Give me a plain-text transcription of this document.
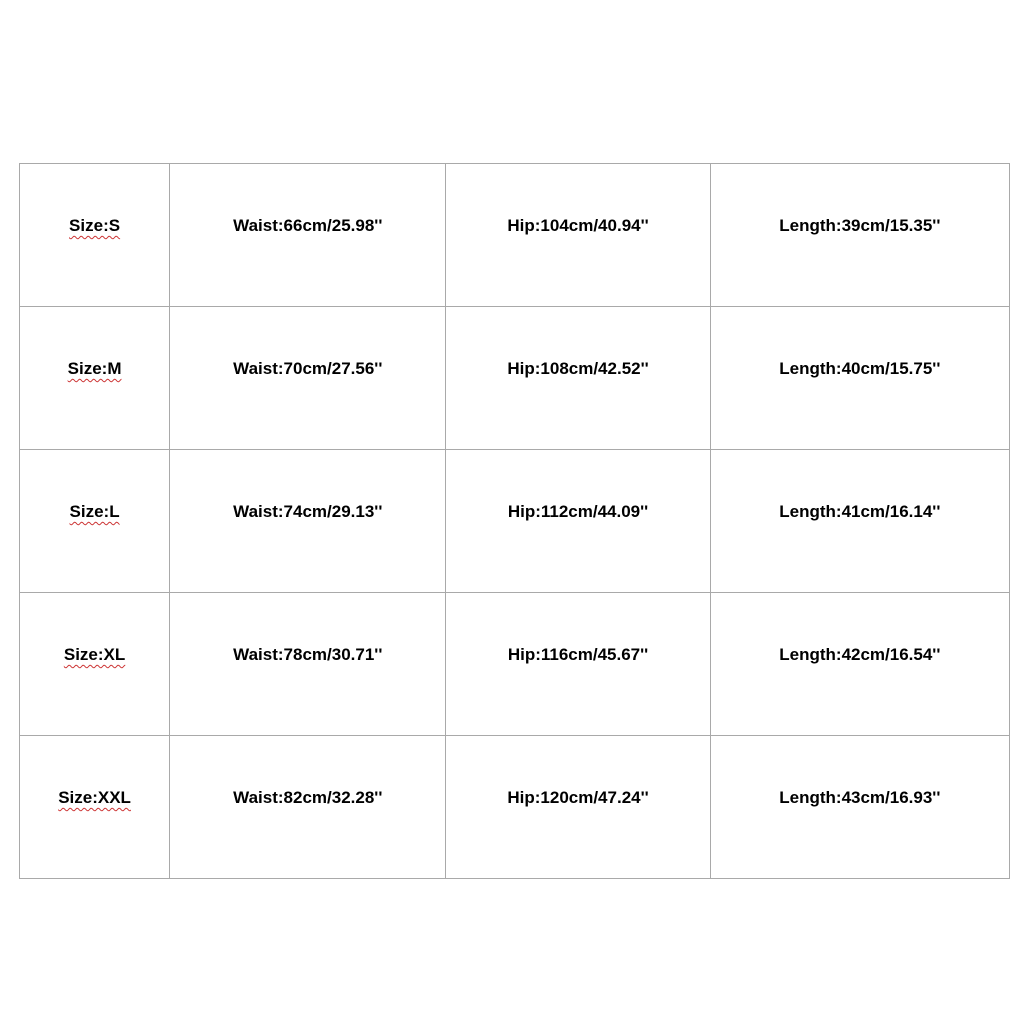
Size:S	Waist:66cm/25.98''	Hip:104cm/40.94''	Length:39cm/15.35''
Size:M	Waist:70cm/27.56''	Hip:108cm/42.52''	Length:40cm/15.75''
Size:L	Waist:74cm/29.13''	Hip:112cm/44.09''	Length:41cm/16.14''
Size:XL	Waist:78cm/30.71''	Hip:116cm/45.67''	Length:42cm/16.54''
Size:XXL	Waist:82cm/32.28''	Hip:120cm/47.24''	Length:43cm/16.93''
